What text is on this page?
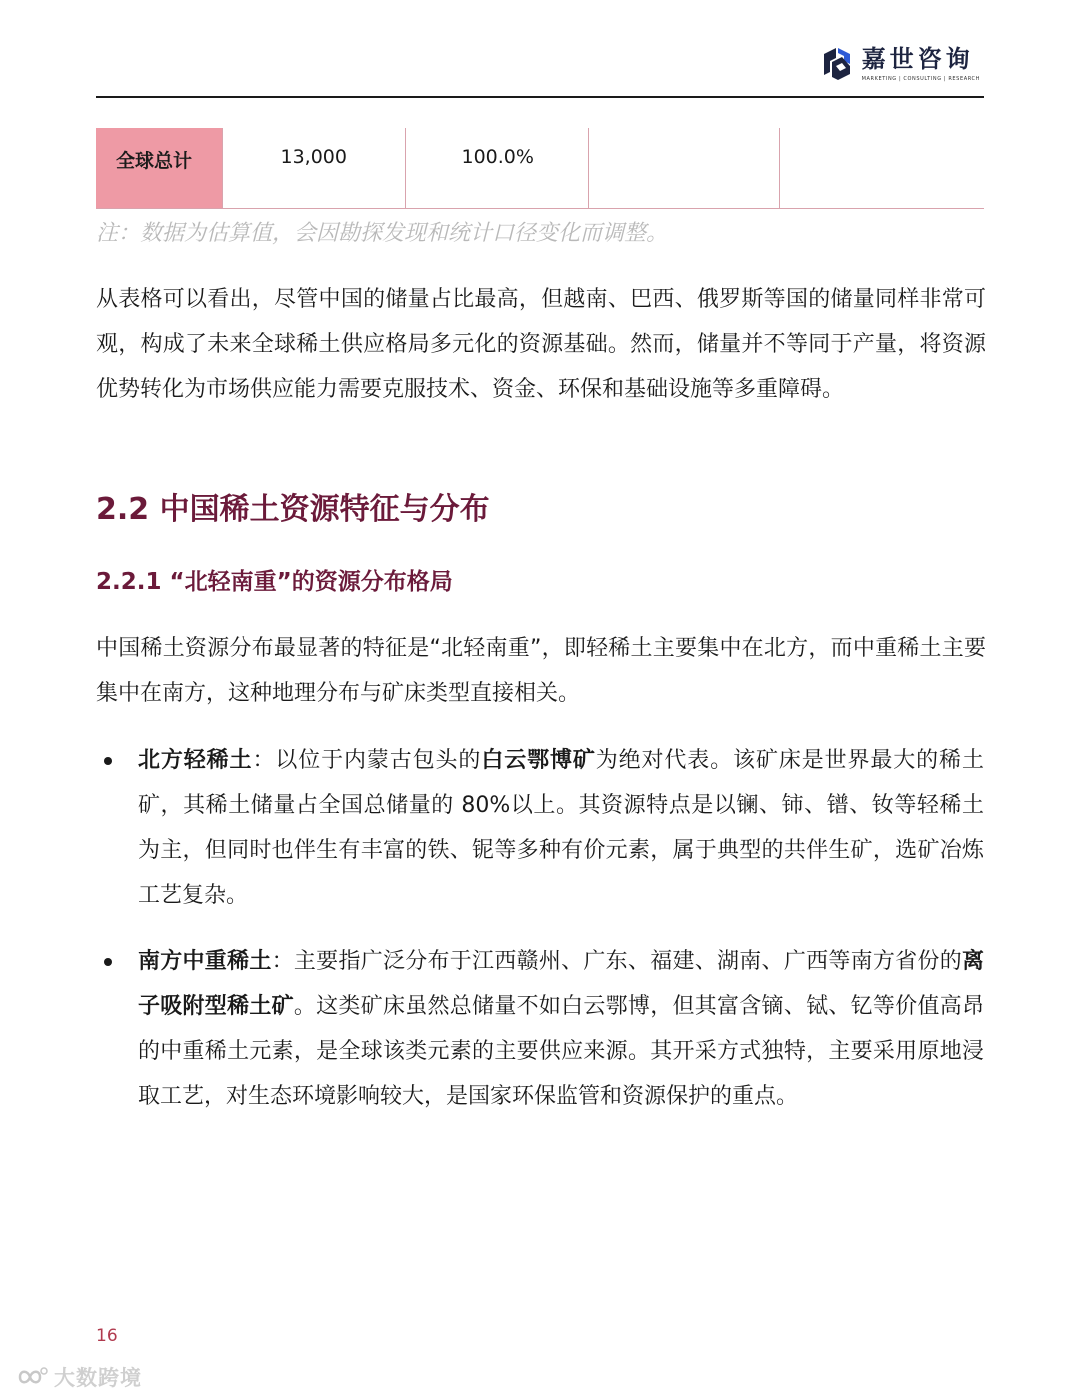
嘉世咨询
MARKETING | CONSULTING | RESEARCH
全球总计	13,000	100.0%		
注：数据为估算值，会因勘探发现和统计口径变化而调整。

从表格可以看出，尽管中国的储量占比最高，但越南、巴西、俄罗斯等国的储量同样非常可观，构成了未来全球稀土供应格局多元化的资源基础。然而，储量并不等同于产量，将资源优势转化为市场供应能力需要克服技术、资金、环保和基础设施等多重障碍。

2.2 中国稀土资源特征与分布
2.2.1 “北轻南重”的资源分布格局

中国稀土资源分布最显著的特征是“北轻南重”，即轻稀土主要集中在北方，而中重稀土主要集中在南方，这种地理分布与矿床类型直接相关。

北方轻稀土：以位于内蒙古包头的白云鄂博矿为绝对代表。该矿床是世界最大的稀土矿，其稀土储量占全国总储量的 80%以上。其资源特点是以镧、铈、镨、钕等轻稀土为主，但同时也伴生有丰富的铁、铌等多种有价元素，属于典型的共伴生矿，选矿冶炼工艺复杂。
南方中重稀土：主要指广泛分布于江西赣州、广东、福建、湖南、广西等南方省份的离子吸附型稀土矿。这类矿床虽然总储量不如白云鄂博，但其富含镝、铽、钇等价值高昂的中重稀土元素，是全球该类元素的主要供应来源。其开采方式独特，主要采用原地浸取工艺，对生态环境影响较大，是国家环保监管和资源保护的重点。
16
大数跨境
